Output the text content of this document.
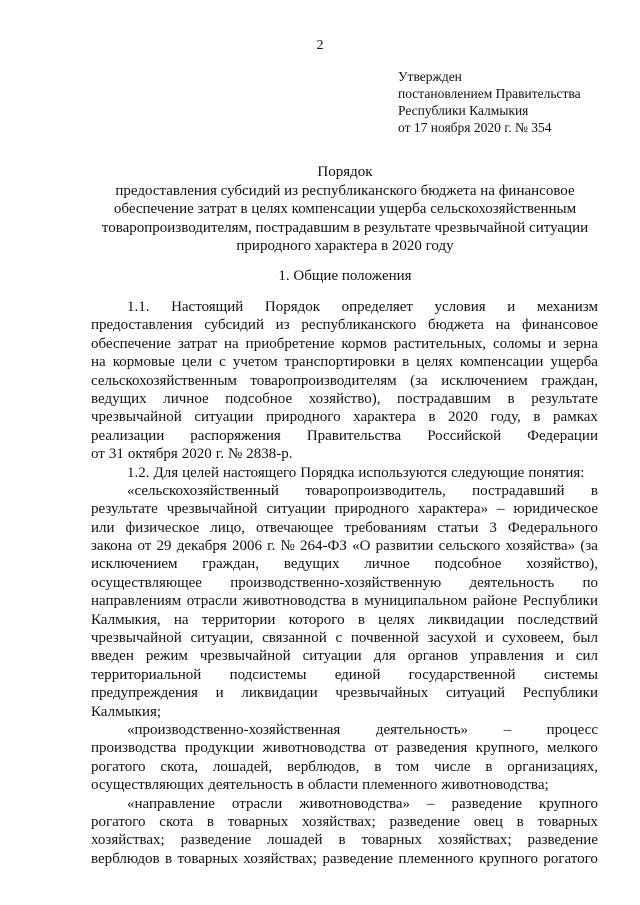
2
Утвержден
постановлением Правительства
Республики Калмыкия
от 17 ноября 2020 г. № 354
Порядок
предоставления субсидий из республиканского бюджета на финансовое
обеспечение затрат в целях компенсации ущерба сельскохозяйственным
товаропроизводителям, пострадавшим в результате чрезвычайной ситуации
природного характера в 2020 году
1. Общие положения
1.1. Настоящий Порядок определяет условия и механизм
предоставления субсидий из республиканского бюджета на финансовое
обеспечение затрат на приобретение кормов растительных, соломы и зерна
на кормовые цели с учетом транспортировки в целях компенсации ущерба
сельскохозяйственным товаропроизводителям (за исключением граждан,
ведущих личное подсобное хозяйство), пострадавшим в результате
чрезвычайной ситуации природного характера в 2020 году, в рамках
реализации распоряжения Правительства Российской Федерации
от 31 октября 2020 г. № 2838-р.
1.2. Для целей настоящего Порядка используются следующие понятия:
«сельскохозяйственный товаропроизводитель, пострадавший в
результате чрезвычайной ситуации природного характера» – юридическое
или физическое лицо, отвечающее требованиям статьи 3 Федерального
закона от 29 декабря 2006 г. № 264-ФЗ «О развитии сельского хозяйства» (за
исключением граждан, ведущих личное подсобное хозяйство),
осуществляющее производственно-хозяйственную деятельность по
направлениям отрасли животноводства в муниципальном районе Республики
Калмыкия, на территории которого в целях ликвидации последствий
чрезвычайной ситуации, связанной с почвенной засухой и суховеем, был
введен режим чрезвычайной ситуации для органов управления и сил
территориальной подсистемы единой государственной системы
предупреждения и ликвидации чрезвычайных ситуаций Республики
Калмыкия;
«производственно-хозяйственная деятельность» – процесс
производства продукции животноводства от разведения крупного, мелкого
рогатого скота, лошадей, верблюдов, в том числе в организациях,
осуществляющих деятельность в области племенного животноводства;
«направление отрасли животноводства» – разведение крупного
рогатого скота в товарных хозяйствах; разведение овец в товарных
хозяйствах; разведение лошадей в товарных хозяйствах; разведение
верблюдов в товарных хозяйствах; разведение племенного крупного рогатого
